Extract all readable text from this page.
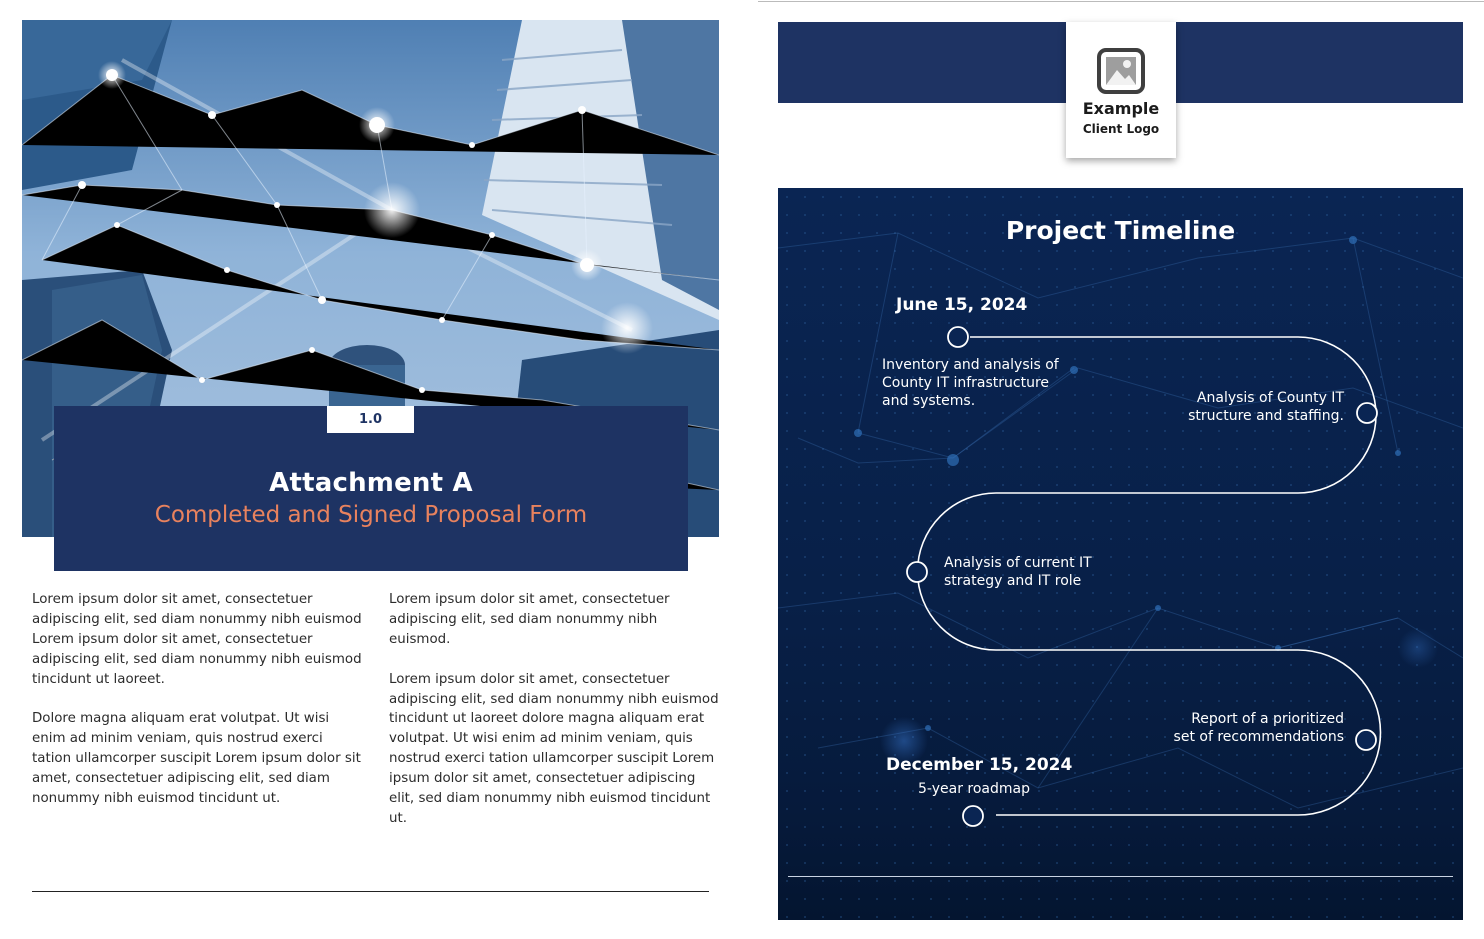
1.0
Attachment A
Completed and Signed Proposal Form

Lorem ipsum dolor sit amet, consectetuer adipiscing elit, sed diam nonummy nibh euismod Lorem ipsum dolor sit amet, consectetuer adipiscing elit, sed diam nonummy nibh euismod tincidunt ut laoreet.

Dolore magna aliquam erat volutpat. Ut wisi enim ad minim veniam, quis nostrud exerci tation ullamcorper suscipit Lorem ipsum dolor sit amet, consectetuer adipiscing elit, sed diam nonummy nibh euismod tincidunt ut.

Lorem ipsum dolor sit amet, consectetuer adipiscing elit, sed diam nonummy nibh euismod.

Lorem ipsum dolor sit amet, consectetuer adipiscing elit, sed diam nonummy nibh euismod tincidunt ut laoreet dolore magna aliquam erat volutpat. Ut wisi enim ad minim veniam, quis nostrud exerci tation ullamcorper suscipit Lorem ipsum dolor sit amet, consectetuer adipiscing elit, sed diam nonummy nibh euismod tincidunt ut.

Example
Client Logo
Project Timeline
June 15, 2024
Inventory and analysis of County IT infrastructure and systems.	Analysis of County IT structure and staffing.
Analysis of current IT strategy and IT role
Report of a prioritized set of recommendations
December 15, 2024
5-year roadmap
